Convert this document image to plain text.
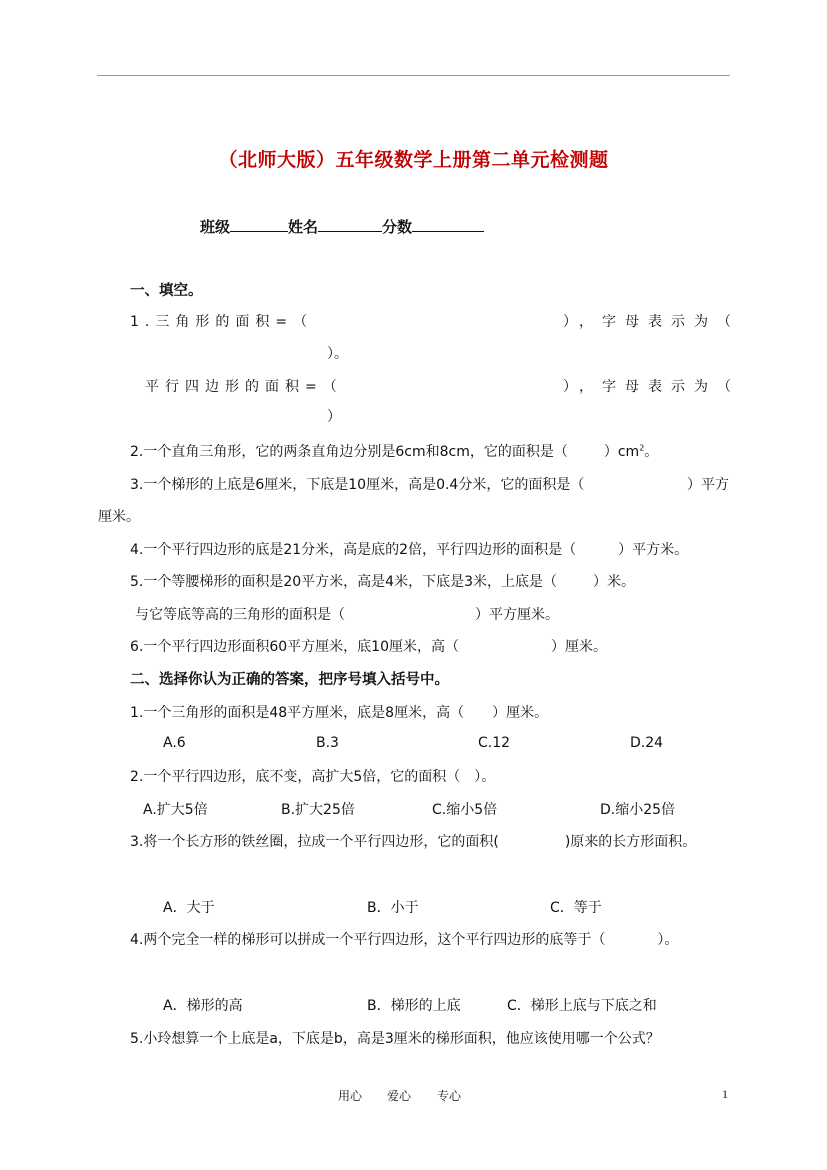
（北师大版）五年级数学上册第二单元检测题
班级	姓名	分数
一、填空。
1.三角形的面积=（	），字母表示为（
）。
平行四边形的面积=（	），字母表示为（
）
2.一个直角三角形，它的两条直角边分别是6cm和8cm，它的面积是（	）$cm^2$。
3.一个梯形的上底是6厘米，下底是10厘米，高是0.4分米，它的面积是（	）平方
厘米。
4.一个平行四边形的底是21分米，高是底的2倍，平行四边形的面积是（	）平方米。
5.一个等腰梯形的面积是20平方米，高是4米，下底是3米，上底是（	）米。
与它等底等高的三角形的面积是（	）平方厘米。
6.一个平行四边形面积60平方厘米，底10厘米，高（	）厘米。
二、选择你认为正确的答案，把序号填入括号中。
1.一个三角形的面积是48平方厘米，底是8厘米，高（　　）厘米。
A.6	B.3	C.12	D.24
2.一个平行四边形，底不变，高扩大5倍，它的面积（　）。
A.扩大5倍	B.扩大25倍	C.缩小5倍	D.缩小25倍
3.将一个长方形的铁丝圈，拉成一个平行四边形，它的面积(	)原来的长方形面积。
A．大于	B．小于	C．等于
4.两个完全一样的梯形可以拼成一个平行四边形，这个平行四边形的底等于（	）。
A．梯形的高	B．梯形的上底	C．梯形上底与下底之和
5.小玲想算一个上底是a，下底是b，高是3厘米的梯形面积，他应该使用哪一个公式？
用心 爱心 专心	1
